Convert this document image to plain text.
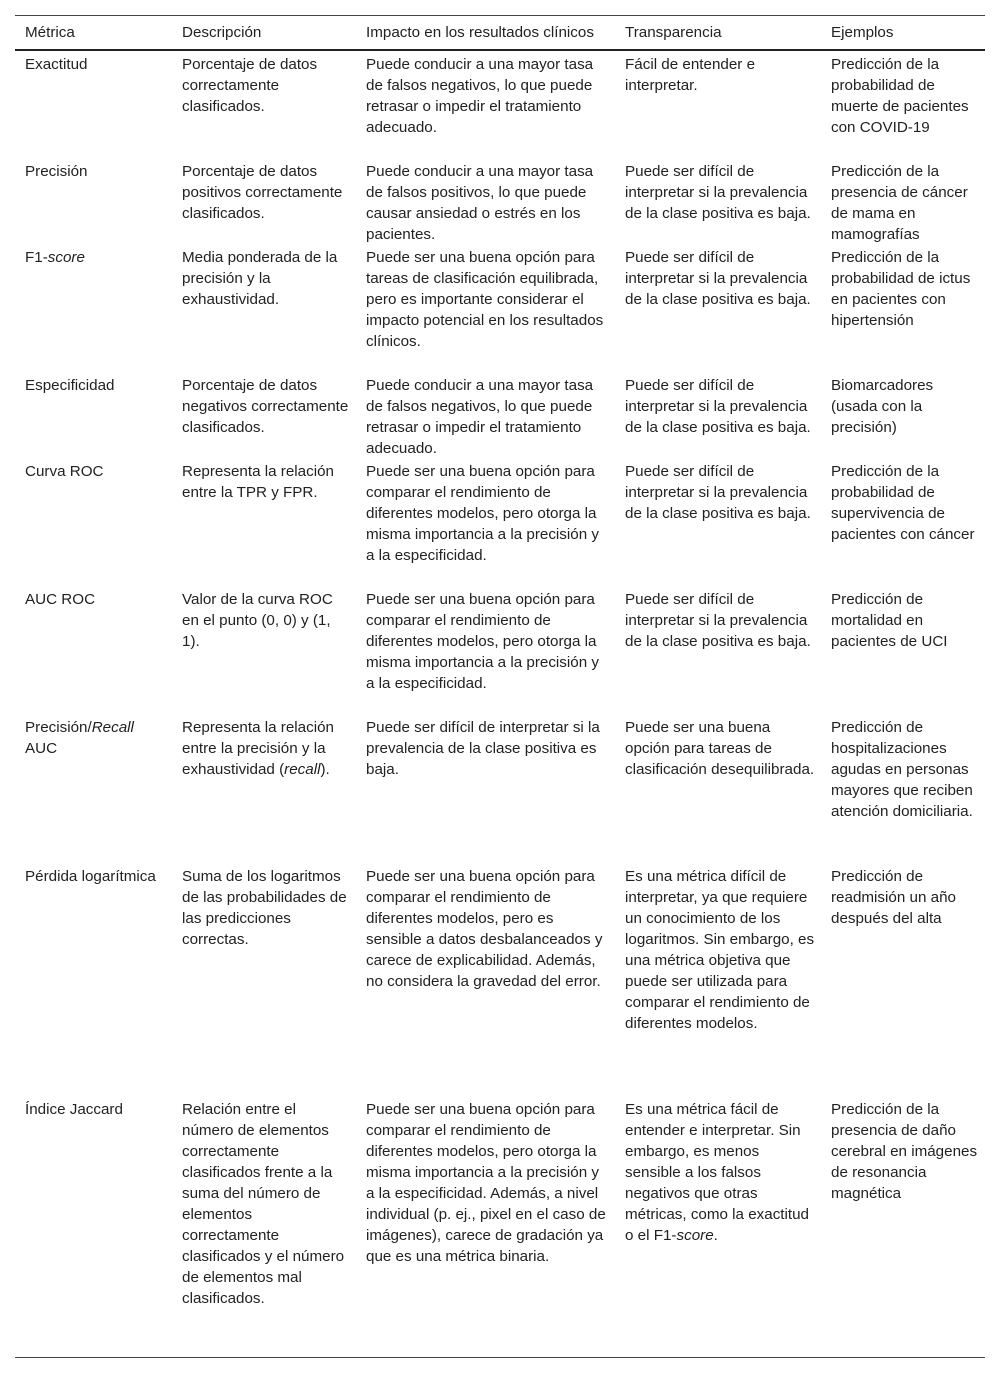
Métrica	Descripción	Impacto en los resultados clínicos	Transparencia	Ejemplos
Exactitud	Porcentaje de datos correctamente clasificados.	Puede conducir a una mayor tasa de falsos negativos, lo que puede retrasar o impedir el tratamiento adecuado.	Fácil de entender e interpretar.	Predicción de la probabilidad de muerte de pacientes con COVID-19
Precisión	Porcentaje de datos positivos correctamente clasificados.	Puede conducir a una mayor tasa de falsos positivos, lo que puede causar ansiedad o estrés en los pacientes.	Puede ser difícil de interpretar si la prevalencia de la clase positiva es baja.	Predicción de la presencia de cáncer de mama en mamografías
F1-score	Media ponderada de la precisión y la exhaustividad.	Puede ser una buena opción para tareas de clasificación equilibrada, pero es importante considerar el impacto potencial en los resultados clínicos.	Puede ser difícil de interpretar si la prevalencia de la clase positiva es baja.	Predicción de la probabilidad de ictus en pacientes con hipertensión
Especificidad	Porcentaje de datos negativos correctamente clasificados.	Puede conducir a una mayor tasa de falsos negativos, lo que puede retrasar o impedir el tratamiento adecuado.	Puede ser difícil de interpretar si la prevalencia de la clase positiva es baja.	Biomarcadores (usada con la precisión)
Curva ROC	Representa la relación entre la TPR y FPR.	Puede ser una buena opción para comparar el rendimiento de diferentes modelos, pero otorga la misma importancia a la precisión y a la especificidad.	Puede ser difícil de interpretar si la prevalencia de la clase positiva es baja.	Predicción de la probabilidad de supervivencia de pacientes con cáncer
AUC ROC	Valor de la curva ROC en el punto (0, 0) y (1, 1).	Puede ser una buena opción para comparar el rendimiento de diferentes modelos, pero otorga la misma importancia a la precisión y a la especificidad.	Puede ser difícil de interpretar si la prevalencia de la clase positiva es baja.	Predicción de mortalidad en pacientes de UCI
Precisión/Recall AUC	Representa la relación entre la precisión y la exhaustividad (recall).	Puede ser difícil de interpretar si la prevalencia de la clase positiva es baja.	Puede ser una buena opción para tareas de clasificación desequilibrada.	Predicción de hospitalizaciones agudas en personas mayores que reciben atención domiciliaria.
Pérdida logarítmica	Suma de los logaritmos de las probabilidades de las predicciones correctas.	Puede ser una buena opción para comparar el rendimiento de diferentes modelos, pero es sensible a datos desbalanceados y carece de explicabilidad. Además, no considera la gravedad del error.	Es una métrica difícil de interpretar, ya que requiere un conocimiento de los logaritmos. Sin embargo, es una métrica objetiva que puede ser utilizada para comparar el rendimiento de diferentes modelos.	Predicción de readmisión un año después del alta
Índice Jaccard	Relación entre el número de elementos correctamente clasificados frente a la suma del número de elementos correctamente clasificados y el número de elementos mal clasificados.	Puede ser una buena opción para comparar el rendimiento de diferentes modelos, pero otorga la misma importancia a la precisión y a la especificidad. Además, a nivel individual (p. ej., pixel en el caso de imágenes), carece de gradación ya que es una métrica binaria.	Es una métrica fácil de entender e interpretar. Sin embargo, es menos sensible a los falsos negativos que otras métricas, como la exactitud o el F1-score.	Predicción de la presencia de daño cerebral en imágenes de resonancia magnética
